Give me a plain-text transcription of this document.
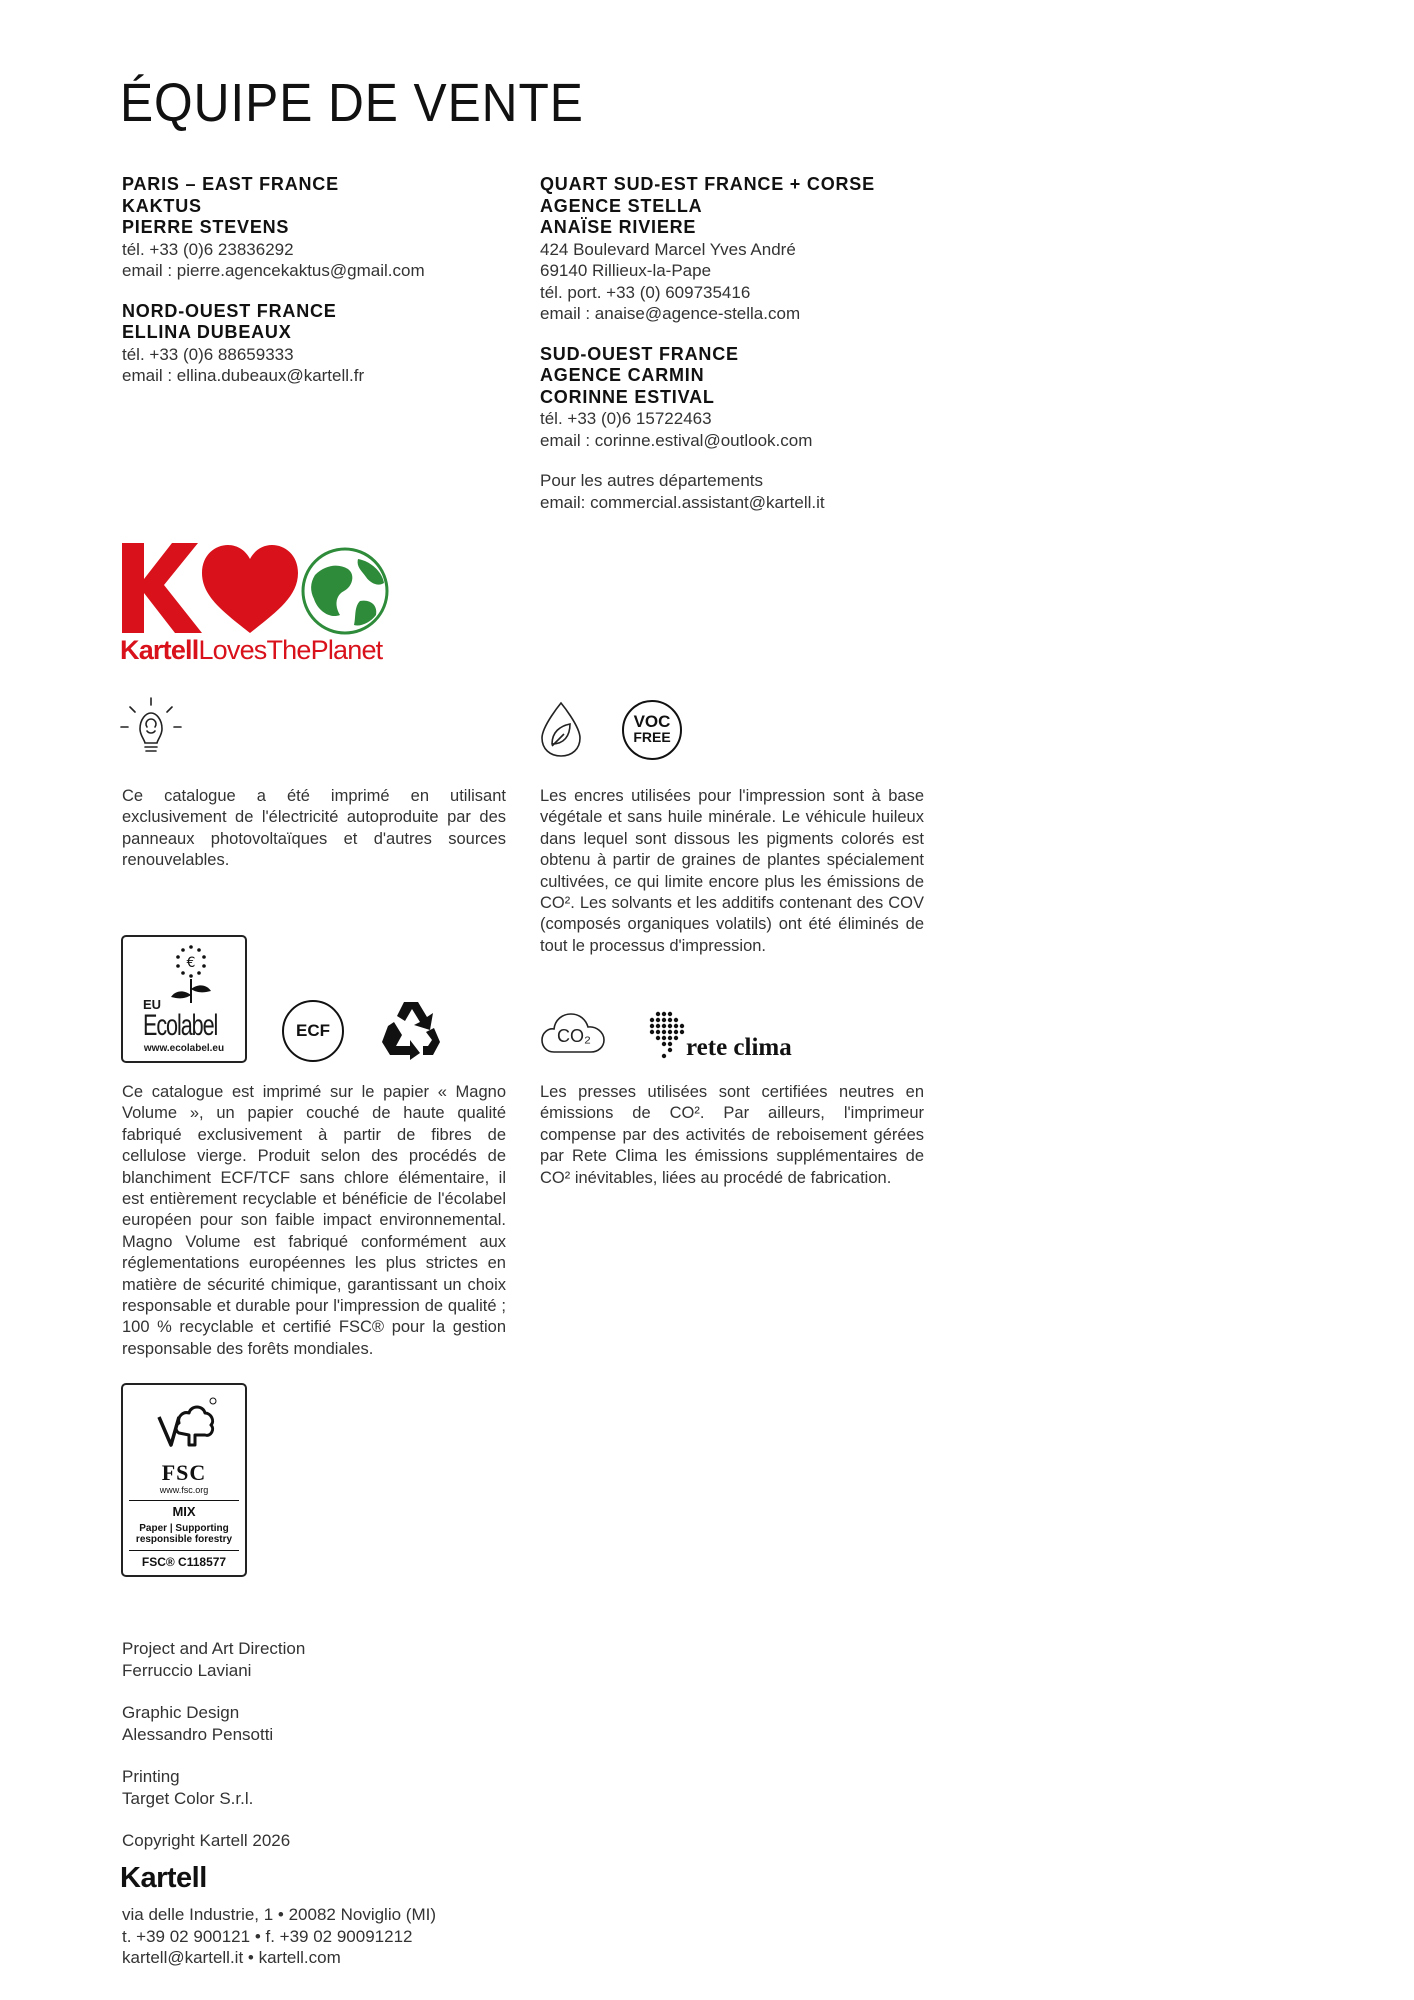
ÉQUIPE DE VENTE
PARIS – EAST FRANCE
KAKTUS
PIERRE STEVENS
tél. +33 (0)6 23836292
email : pierre.agencekaktus@gmail.com
NORD-OUEST FRANCE
ELLINA DUBEAUX
tél. +33 (0)6 88659333
email : ellina.dubeaux@kartell.fr
QUART SUD-EST FRANCE + CORSE
AGENCE STELLA
ANAÏSE RIVIERE
424 Boulevard Marcel Yves André
69140 Rillieux-la-Pape
tél. port. +33 (0) 609735416
email : anaise@agence-stella.com
SUD-OUEST FRANCE
AGENCE CARMIN
CORINNE ESTIVAL
tél. +33 (0)6 15722463
email : corinne.estival@outlook.com
Pour les autres départements
email: commercial.assistant@kartell.it
KartellLovesThePlanet
Ce catalogue a été imprimé en utilisant exclusivement de l'électricité autoproduite par des panneaux photovoltaïques et d'autres sources renouvelables.
VOC
FREE
Les encres utilisées pour l'impression sont à base végétale et sans huile minérale. Le véhicule huileux dans lequel sont dissous les pigments colorés est obtenu à partir de graines de plantes spécialement cultivées, ce qui limite encore plus les émissions de CO². Les solvants et les additifs contenant des COV (composés organiques volatils) ont été éliminés de tout le processus d'impression.
€
EU
Ecolabel
www.ecolabel.eu
ECF
Ce catalogue est imprimé sur le papier « Magno Volume », un papier couché de haute qualité fabriqué exclusivement à partir de fibres de cellulose vierge. Produit selon des procédés de blanchiment ECF/TCF sans chlore élémentaire, il est entièrement recyclable et bénéficie de l'écolabel européen pour son faible impact environnemental. Magno Volume est fabriqué conformément aux réglementations européennes les plus strictes en matière de sécurité chimique, garantissant un choix responsable et durable pour l'impression de qualité ; 100 % recyclable et certifié FSC® pour la gestion responsable des forêts mondiales.
CO₂	rete clima
Les presses utilisées sont certifiées neutres en émissions de CO². Par ailleurs, l'imprimeur compense par des activités de reboisement gérées par Rete Clima les émissions supplémentaires de CO² inévitables, liées au procédé de fabrication.
FSC
www.fsc.org
MIX
Paper | Supporting
responsible forestry
FSC® C118577
Project and Art Direction
Ferruccio Laviani
Graphic Design
Alessandro Pensotti
Printing
Target Color S.r.l.
Copyright Kartell 2026
Kartell
via delle Industrie, 1 • 20082 Noviglio (MI)
t. +39 02 900121 • f. +39 02 90091212
kartell@kartell.it • kartell.com
